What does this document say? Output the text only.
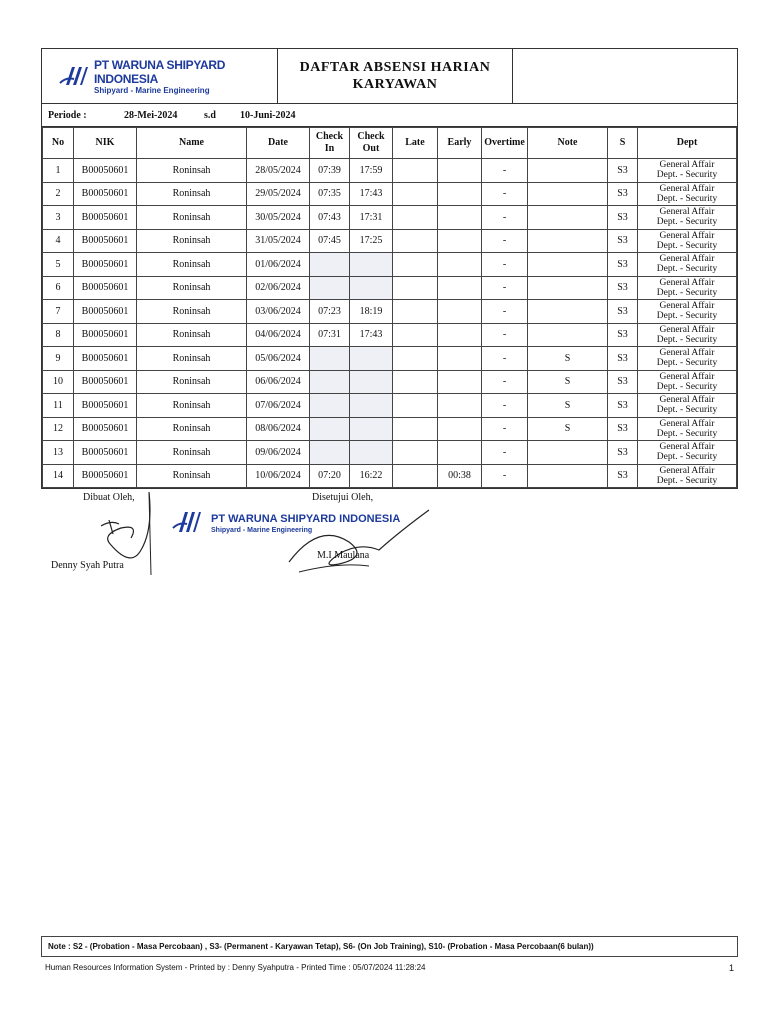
PT WARUNA SHIPYARD INDONESIA
Shipyard - Marine Engineering
DAFTAR ABSENSI HARIAN
KARYAWAN
Periode :	28-Mei-2024	s.d	10-Juni-2024
No	NIK	Name	Date	Check In	Check Out	Late	Early	Overtime	Note	S	Dept
1	B00050601	Roninsah	28/05/2024	07:39	17:59			-		S3	General Affair
Dept. - Security

2	B00050601	Roninsah	29/05/2024	07:35	17:43			-		S3	General Affair
Dept. - Security

3	B00050601	Roninsah	30/05/2024	07:43	17:31			-		S3	General Affair
Dept. - Security

4	B00050601	Roninsah	31/05/2024	07:45	17:25			-		S3	General Affair
Dept. - Security

5	B00050601	Roninsah	01/06/2024					-		S3	General Affair
Dept. - Security

6	B00050601	Roninsah	02/06/2024					-		S3	General Affair
Dept. - Security

7	B00050601	Roninsah	03/06/2024	07:23	18:19			-		S3	General Affair
Dept. - Security

8	B00050601	Roninsah	04/06/2024	07:31	17:43			-		S3	General Affair
Dept. - Security

9	B00050601	Roninsah	05/06/2024					-	S	S3	General Affair
Dept. - Security

10	B00050601	Roninsah	06/06/2024					-	S	S3	General Affair
Dept. - Security

11	B00050601	Roninsah	07/06/2024					-	S	S3	General Affair
Dept. - Security

12	B00050601	Roninsah	08/06/2024					-	S	S3	General Affair
Dept. - Security

13	B00050601	Roninsah	09/06/2024					-		S3	General Affair
Dept. - Security

14	B00050601	Roninsah	10/06/2024	07:20	16:22		00:38	-		S3	General Affair
Dept. - Security
Dibuat Oleh,	Disetujui Oleh,
PT WARUNA SHIPYARD INDONESIA
Shipyard - Marine Engineering
Denny Syah Putra
M.I Maulana
Note : S2 - (Probation - Masa Percobaan) , S3- (Permanent - Karyawan Tetap), S6- (On Job Training), S10- (Probation - Masa Percobaan(6 bulan))
Human Resources Information System - Printed by : Denny Syahputra - Printed Time : 05/07/2024 11:28:24	1
